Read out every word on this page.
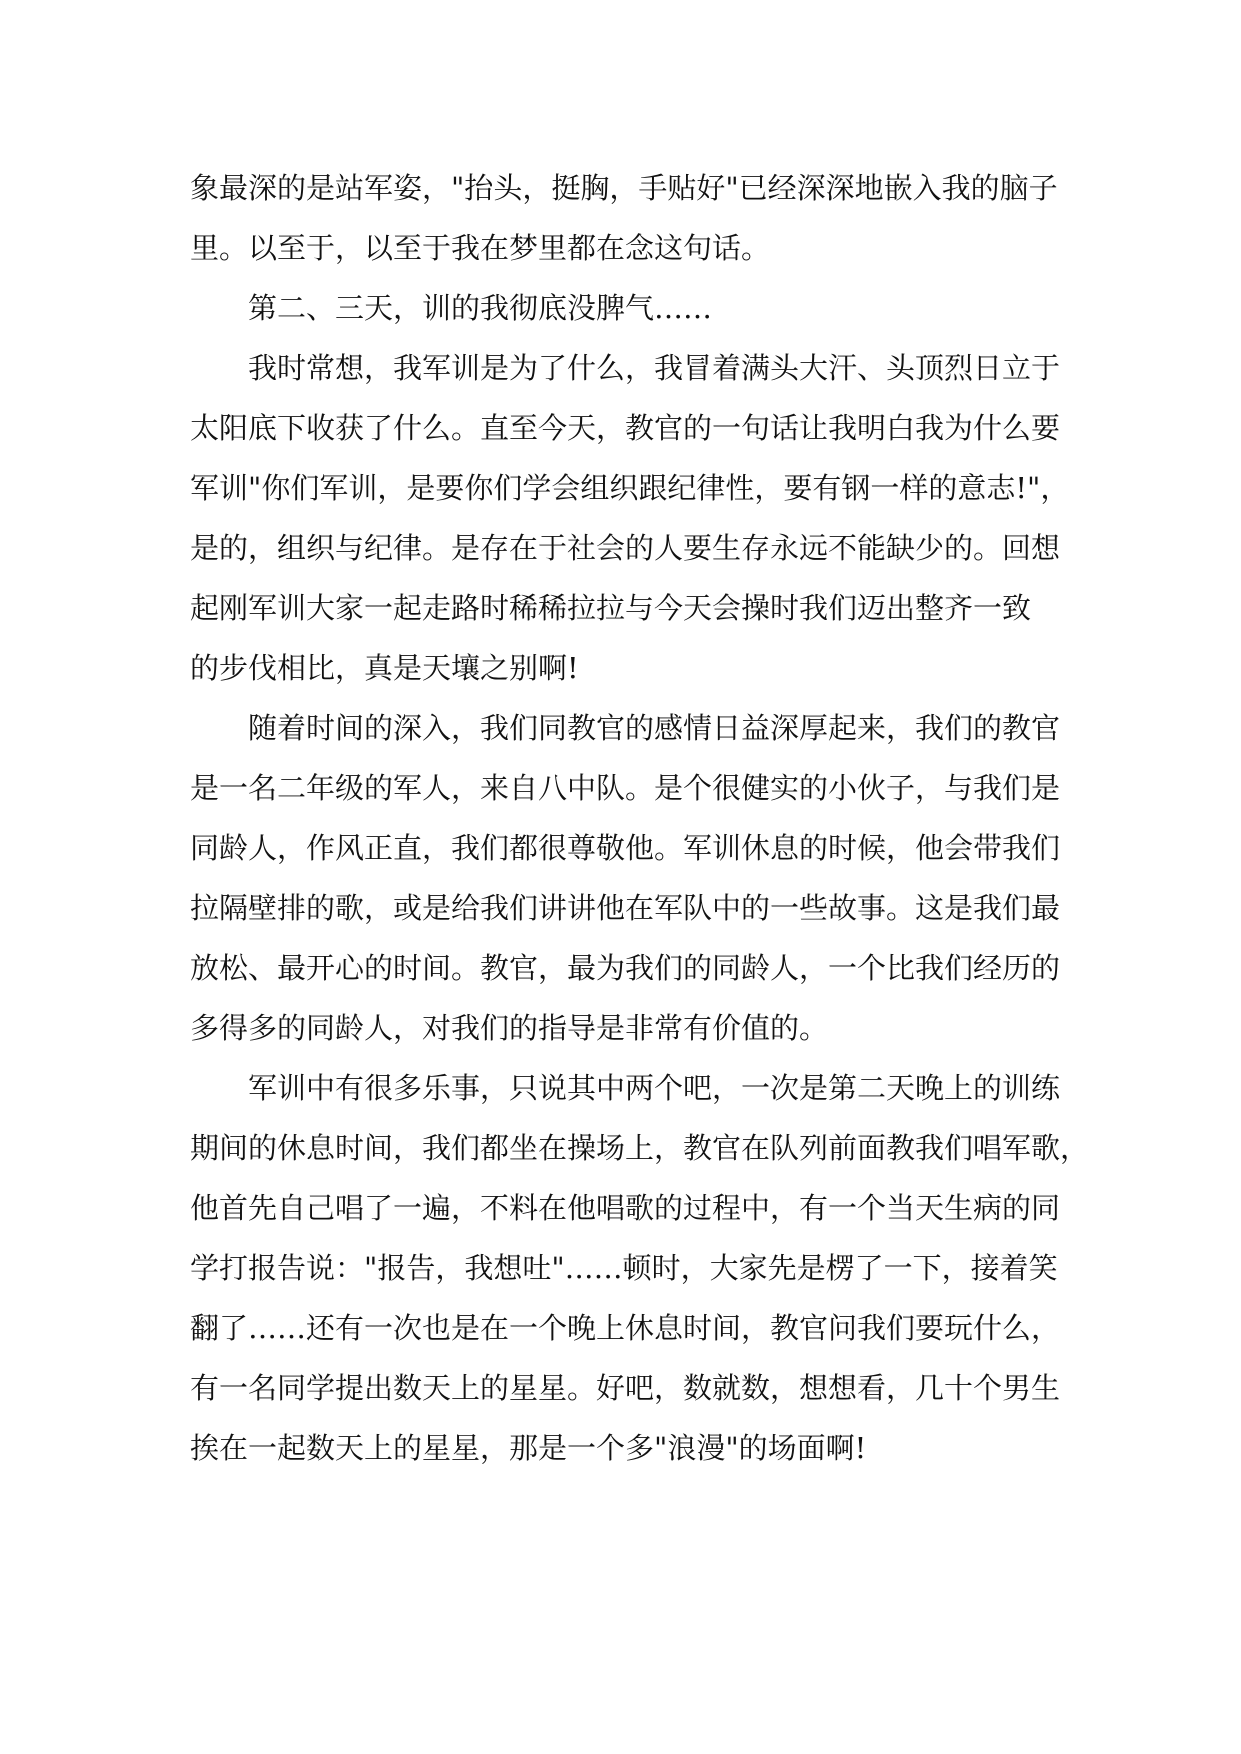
象最深的是站军姿，"抬头，挺胸，手贴好"已经深深地嵌入我的脑子
里。以至于，以至于我在梦里都在念这句话。
第二、三天，训的我彻底没脾气……
我时常想，我军训是为了什么，我冒着满头大汗、头顶烈日立于
太阳底下收获了什么。直至今天，教官的一句话让我明白我为什么要
军训"你们军训，是要你们学会组织跟纪律性，要有钢一样的意志!"，
是的，组织与纪律。是存在于社会的人要生存永远不能缺少的。回想
起刚军训大家一起走路时稀稀拉拉与今天会操时我们迈出整齐一致
的步伐相比，真是天壤之别啊!
随着时间的深入，我们同教官的感情日益深厚起来，我们的教官
是一名二年级的军人，来自八中队。是个很健实的小伙子，与我们是
同龄人，作风正直，我们都很尊敬他。军训休息的时候，他会带我们
拉隔壁排的歌，或是给我们讲讲他在军队中的一些故事。这是我们最
放松、最开心的时间。教官，最为我们的同龄人，一个比我们经历的
多得多的同龄人，对我们的指导是非常有价值的。
军训中有很多乐事，只说其中两个吧，一次是第二天晚上的训练
期间的休息时间，我们都坐在操场上，教官在队列前面教我们唱军歌，
他首先自己唱了一遍，不料在他唱歌的过程中，有一个当天生病的同
学打报告说："报告，我想吐"……顿时，大家先是楞了一下，接着笑
翻了……还有一次也是在一个晚上休息时间，教官问我们要玩什么，
有一名同学提出数天上的星星。好吧，数就数，想想看，几十个男生
挨在一起数天上的星星，那是一个多"浪漫"的场面啊!
